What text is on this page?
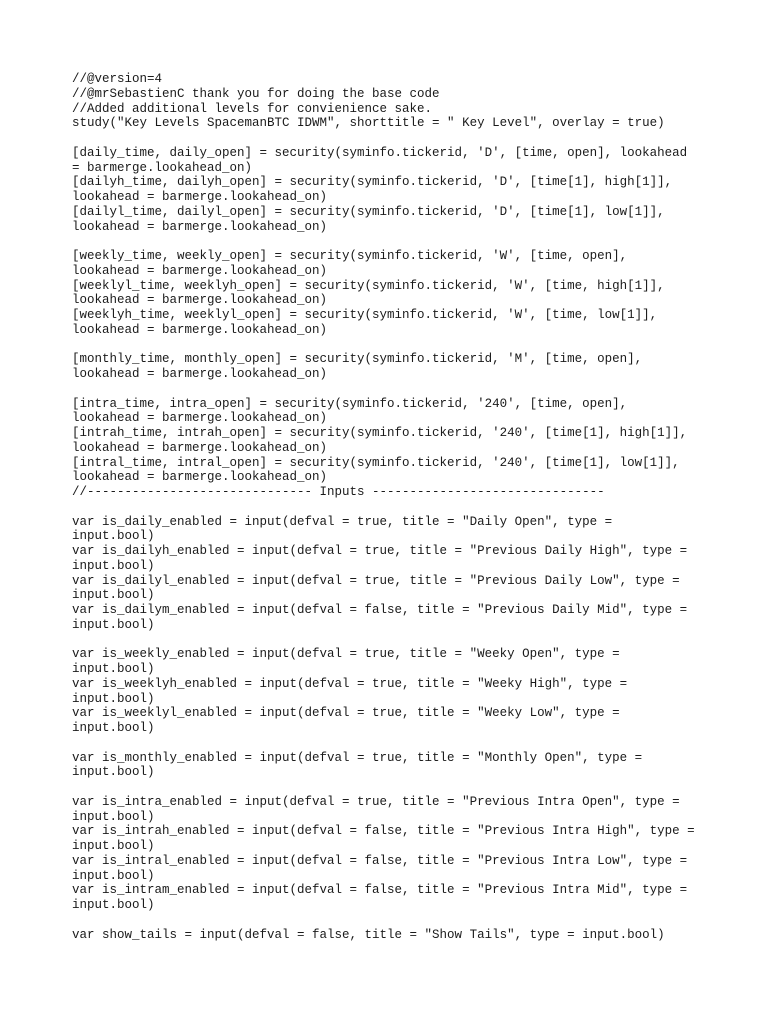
//@version=4
//@mrSebastienC thank you for doing the base code
//Added additional levels for convienience sake.
study("Key Levels SpacemanBTC IDWM", shorttitle = " Key Level", overlay = true)
[daily_time, daily_open] = security(syminfo.tickerid, 'D', [time, open], lookahead
= barmerge.lookahead_on)
[dailyh_time, dailyh_open] = security(syminfo.tickerid, 'D', [time[1], high[1]],
lookahead = barmerge.lookahead_on)
[dailyl_time, dailyl_open] = security(syminfo.tickerid, 'D', [time[1], low[1]],
lookahead = barmerge.lookahead_on)
[weekly_time, weekly_open] = security(syminfo.tickerid, 'W', [time, open],
lookahead = barmerge.lookahead_on)
[weeklyl_time, weeklyh_open] = security(syminfo.tickerid, 'W', [time, high[1]],
lookahead = barmerge.lookahead_on)
[weeklyh_time, weeklyl_open] = security(syminfo.tickerid, 'W', [time, low[1]],
lookahead = barmerge.lookahead_on)
[monthly_time, monthly_open] = security(syminfo.tickerid, 'M', [time, open],
lookahead = barmerge.lookahead_on)
[intra_time, intra_open] = security(syminfo.tickerid, '240', [time, open],
lookahead = barmerge.lookahead_on)
[intrah_time, intrah_open] = security(syminfo.tickerid, '240', [time[1], high[1]],
lookahead = barmerge.lookahead_on)
[intral_time, intral_open] = security(syminfo.tickerid, '240', [time[1], low[1]],
lookahead = barmerge.lookahead_on)
//------------------------------ Inputs -------------------------------
var is_daily_enabled = input(defval = true, title = "Daily Open", type =
input.bool)
var is_dailyh_enabled = input(defval = true, title = "Previous Daily High", type =
input.bool)
var is_dailyl_enabled = input(defval = true, title = "Previous Daily Low", type =
input.bool)
var is_dailym_enabled = input(defval = false, title = "Previous Daily Mid", type =
input.bool)
var is_weekly_enabled = input(defval = true, title = "Weeky Open", type =
input.bool)
var is_weeklyh_enabled = input(defval = true, title = "Weeky High", type =
input.bool)
var is_weeklyl_enabled = input(defval = true, title = "Weeky Low", type =
input.bool)
var is_monthly_enabled = input(defval = true, title = "Monthly Open", type =
input.bool)
var is_intra_enabled = input(defval = true, title = "Previous Intra Open", type =
input.bool)
var is_intrah_enabled = input(defval = false, title = "Previous Intra High", type =
input.bool)
var is_intral_enabled = input(defval = false, title = "Previous Intra Low", type =
input.bool)
var is_intram_enabled = input(defval = false, title = "Previous Intra Mid", type =
input.bool)
var show_tails = input(defval = false, title = "Show Tails", type = input.bool)
